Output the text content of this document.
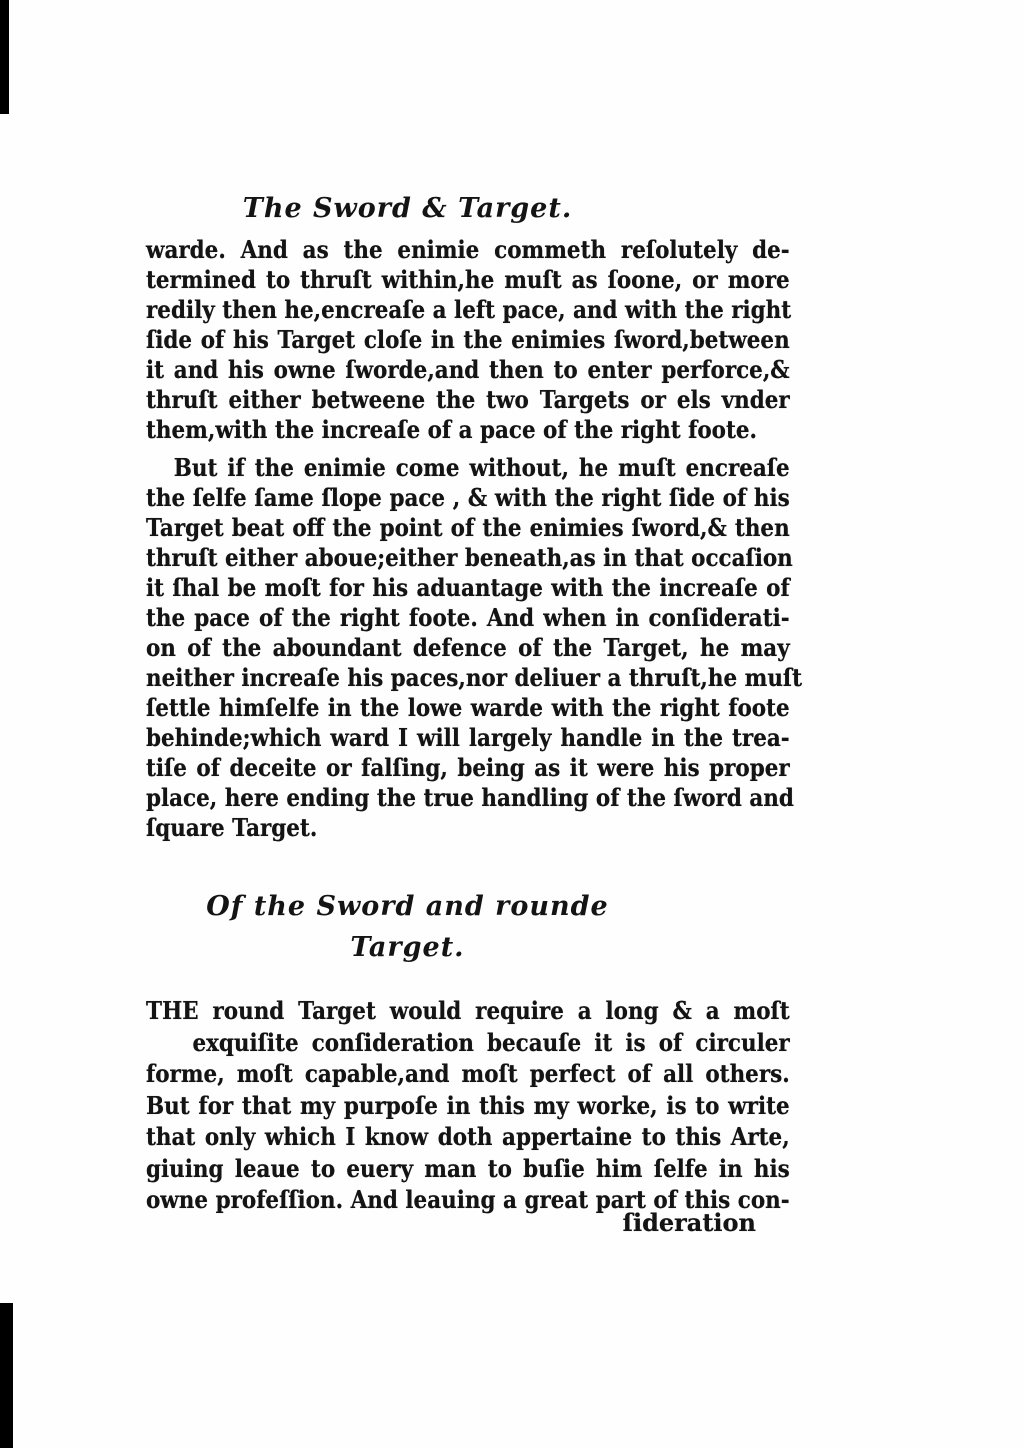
The Sword & Target.
warde. And as the enimie commeth reſolutely de-
termined to thruſt within,he muſt as ſoone, or more
redily then he,encreaſe a left pace, and with the right
ſide of his Target cloſe in the enimies ſword,between
it and his owne ſworde,and then to enter perforce,&
thruſt either betweene the two Targets or els vnder
them,with the increaſe of a pace of the right foote.
But if the enimie come without, he muſt encreaſe
the ſelfe ſame ſlope pace , & with the right ſide of his
Target beat off the point of the enimies ſword,& then
thruſt either aboue;either beneath,as in that occaſion
it ſhal be moſt for his aduantage with the increaſe of
the pace of the right foote. And when in conſiderati-
on of the aboundant defence of the Target, he may
neither increaſe his paces,nor deliuer a thruſt,he muſt
ſettle himſelfe in the lowe warde with the right foote
behinde;which ward I will largely handle in the trea-
tiſe of deceite or falſing, being as it were his proper
place, here ending the true handling of the ſword and
ſquare Target.
Of the Sword and rounde
Target.
THE round Target would require a long & a moſt
exquiſite conſideration becauſe it is of circuler
forme, moſt capable,and moſt perfect of all others.
But for that my purpoſe in this my worke, is to write
that only which I know doth appertaine to this Arte,
giuing leaue to euery man to buſie him ſelfe in his
owne profeſſion. And leauing a great part of this con-
ſideration
